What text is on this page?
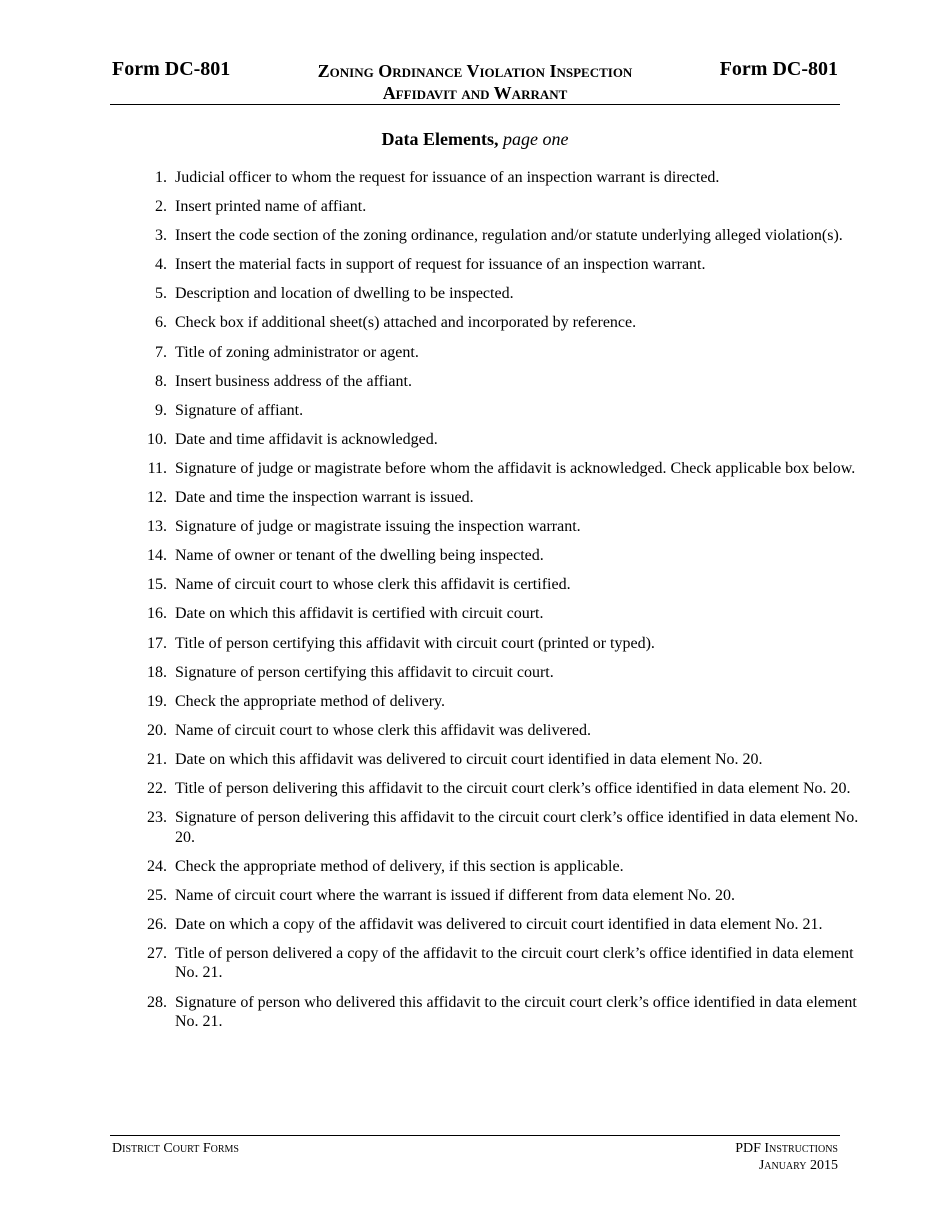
Form DC-801	Zoning Ordinance Violation Inspection
Affidavit and Warrant
Form DC-801
Data Elements, page one
1. Judicial officer to whom the request for issuance of an inspection warrant is directed.
2. Insert printed name of affiant.
3. Insert the code section of the zoning ordinance, regulation and/or statute underlying alleged violation(s).
4. Insert the material facts in support of request for issuance of an inspection warrant.
5. Description and location of dwelling to be inspected.
6. Check box if additional sheet(s) attached and incorporated by reference.
7. Title of zoning administrator or agent.
8. Insert business address of the affiant.
9. Signature of affiant.
10. Date and time affidavit is acknowledged.
11. Signature of judge or magistrate before whom the affidavit is acknowledged. Check applicable box below.
12. Date and time the inspection warrant is issued.
13. Signature of judge or magistrate issuing the inspection warrant.
14. Name of owner or tenant of the dwelling being inspected.
15. Name of circuit court to whose clerk this affidavit is certified.
16. Date on which this affidavit is certified with circuit court.
17. Title of person certifying this affidavit with circuit court (printed or typed).
18. Signature of person certifying this affidavit to circuit court.
19. Check the appropriate method of delivery.
20. Name of circuit court to whose clerk this affidavit was delivered.
21. Date on which this affidavit was delivered to circuit court identified in data element No. 20.
22. Title of person delivering this affidavit to the circuit court clerk’s office identified in data element No. 20.
23. Signature of person delivering this affidavit to the circuit court clerk’s office identified in data element No. 20.
24. Check the appropriate method of delivery, if this section is applicable.
25. Name of circuit court where the warrant is issued if different from data element No. 20.
26. Date on which a copy of the affidavit was delivered to circuit court identified in data element No. 21.
27. Title of person delivered a copy of the affidavit to the circuit court clerk’s office identified in data element No. 21.
28. Signature of person who delivered this affidavit to the circuit court clerk’s office identified in data element No. 21.
District Court Forms	PDF Instructions
January 2015
